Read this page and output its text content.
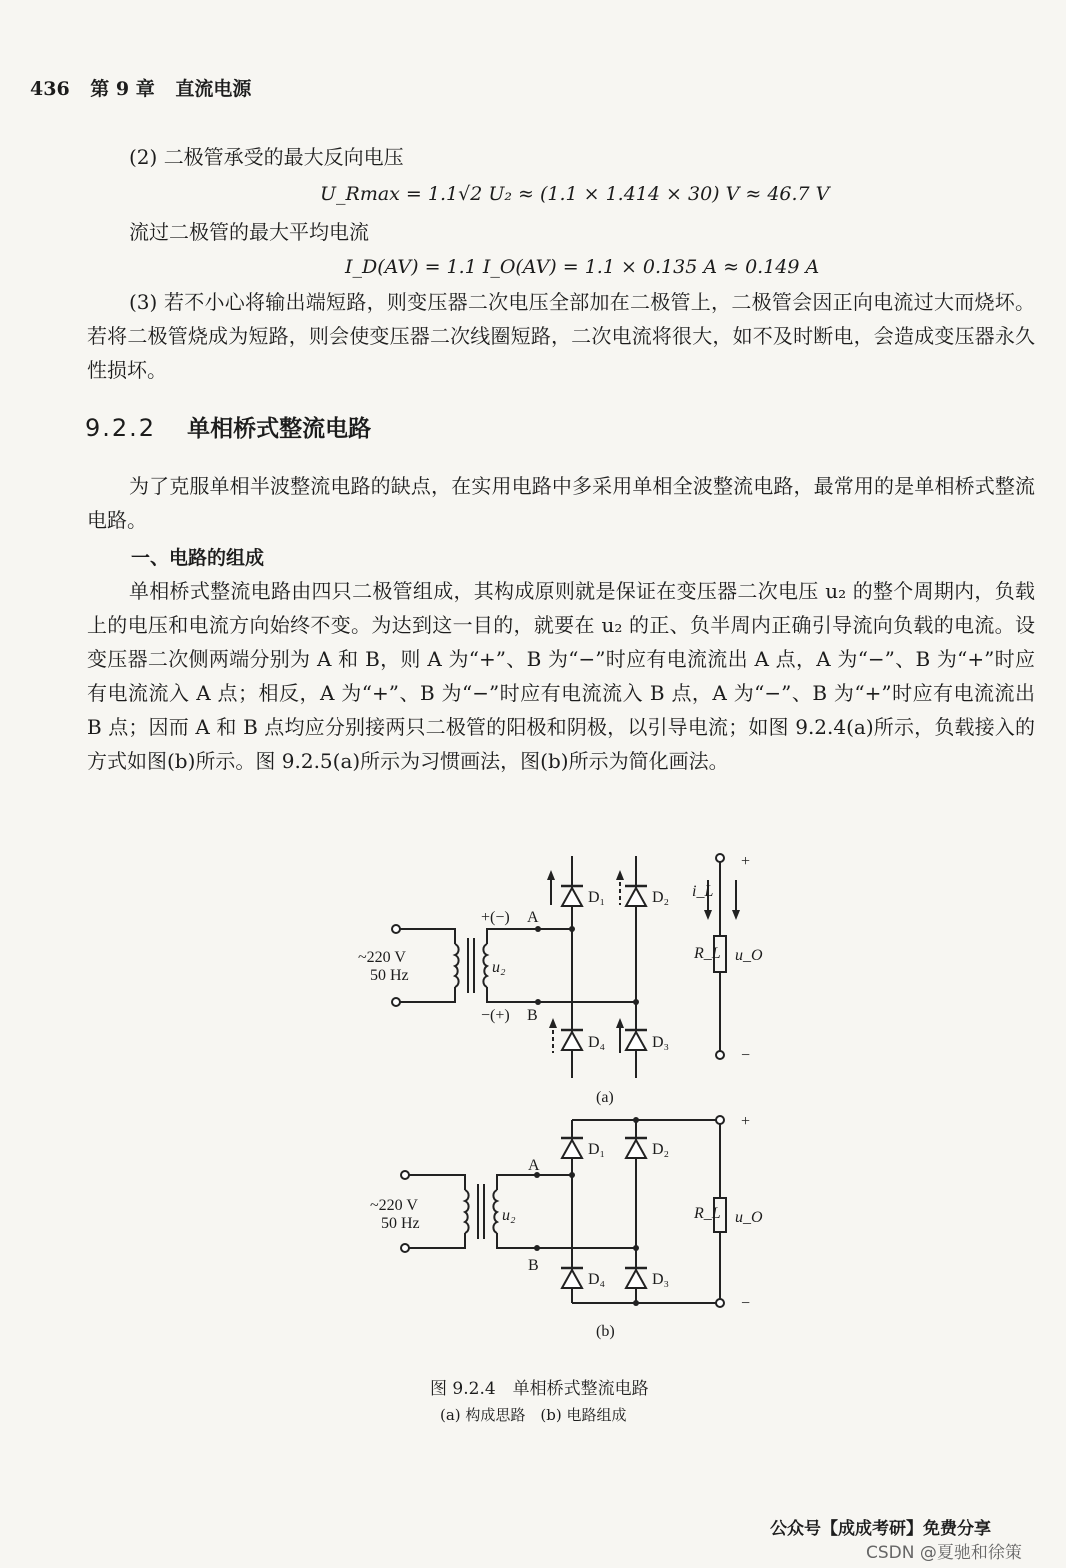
436 第 9 章 直流电源
(2) 二极管承受的最大反向电压
U_Rmax = 1.1√2 U₂ ≈ (1.1 × 1.414 × 30) V ≈ 46.7 V
流过二极管的最大平均电流
I_D(AV) = 1.1 I_O(AV) = 1.1 × 0.135 A ≈ 0.149 A
(3) 若不小心将输出端短路，则变压器二次电压全部加在二极管上，二极管会因正向电流过大而烧坏。若将二极管烧成为短路，则会使变压器二次线圈短路，二次电流将很大，如不及时断电，会造成变压器永久性损坏。
9.2.2 单相桥式整流电路
为了克服单相半波整流电路的缺点，在实用电路中多采用单相全波整流电路，最常用的是单相桥式整流电路。
一、电路的组成
单相桥式整流电路由四只二极管组成，其构成原则就是保证在变压器二次电压 u₂ 的整个周期内，负载上的电压和电流方向始终不变。为达到这一目的，就要在 u₂ 的正、负半周内正确引导流向负载的电流。设变压器二次侧两端分别为 A 和 B，则 A 为“+”、B 为“−”时应有电流流出 A 点，A 为“−”、B 为“+”时应有电流流入 A 点；相反，A 为“+”、B 为“−”时应有电流流入 B 点，A 为“−”、B 为“+”时应有电流流出 B 点；因而 A 和 B 点均应分别接两只二极管的阳极和阴极，以引导电流；如图 9.2.4(a)所示，负载接入的方式如图(b)所示。图 9.2.5(a)所示为习惯画法，图(b)所示为简化画法。
~220 V
50 Hz	u₂
+(−) A
−(+) B
D₁	D₂
D₄	D₃
i_L
R_L u_O
+
−
(a)
~220 V
50 Hz	u₂
A
B
D₁	D₂
D₄	D₃
R_L u_O
+
−
(b)
图 9.2.4　单相桥式整流电路
(a) 构成思路　(b) 电路组成
公众号【成成考研】免费分享
CSDN @夏驰和徐策
